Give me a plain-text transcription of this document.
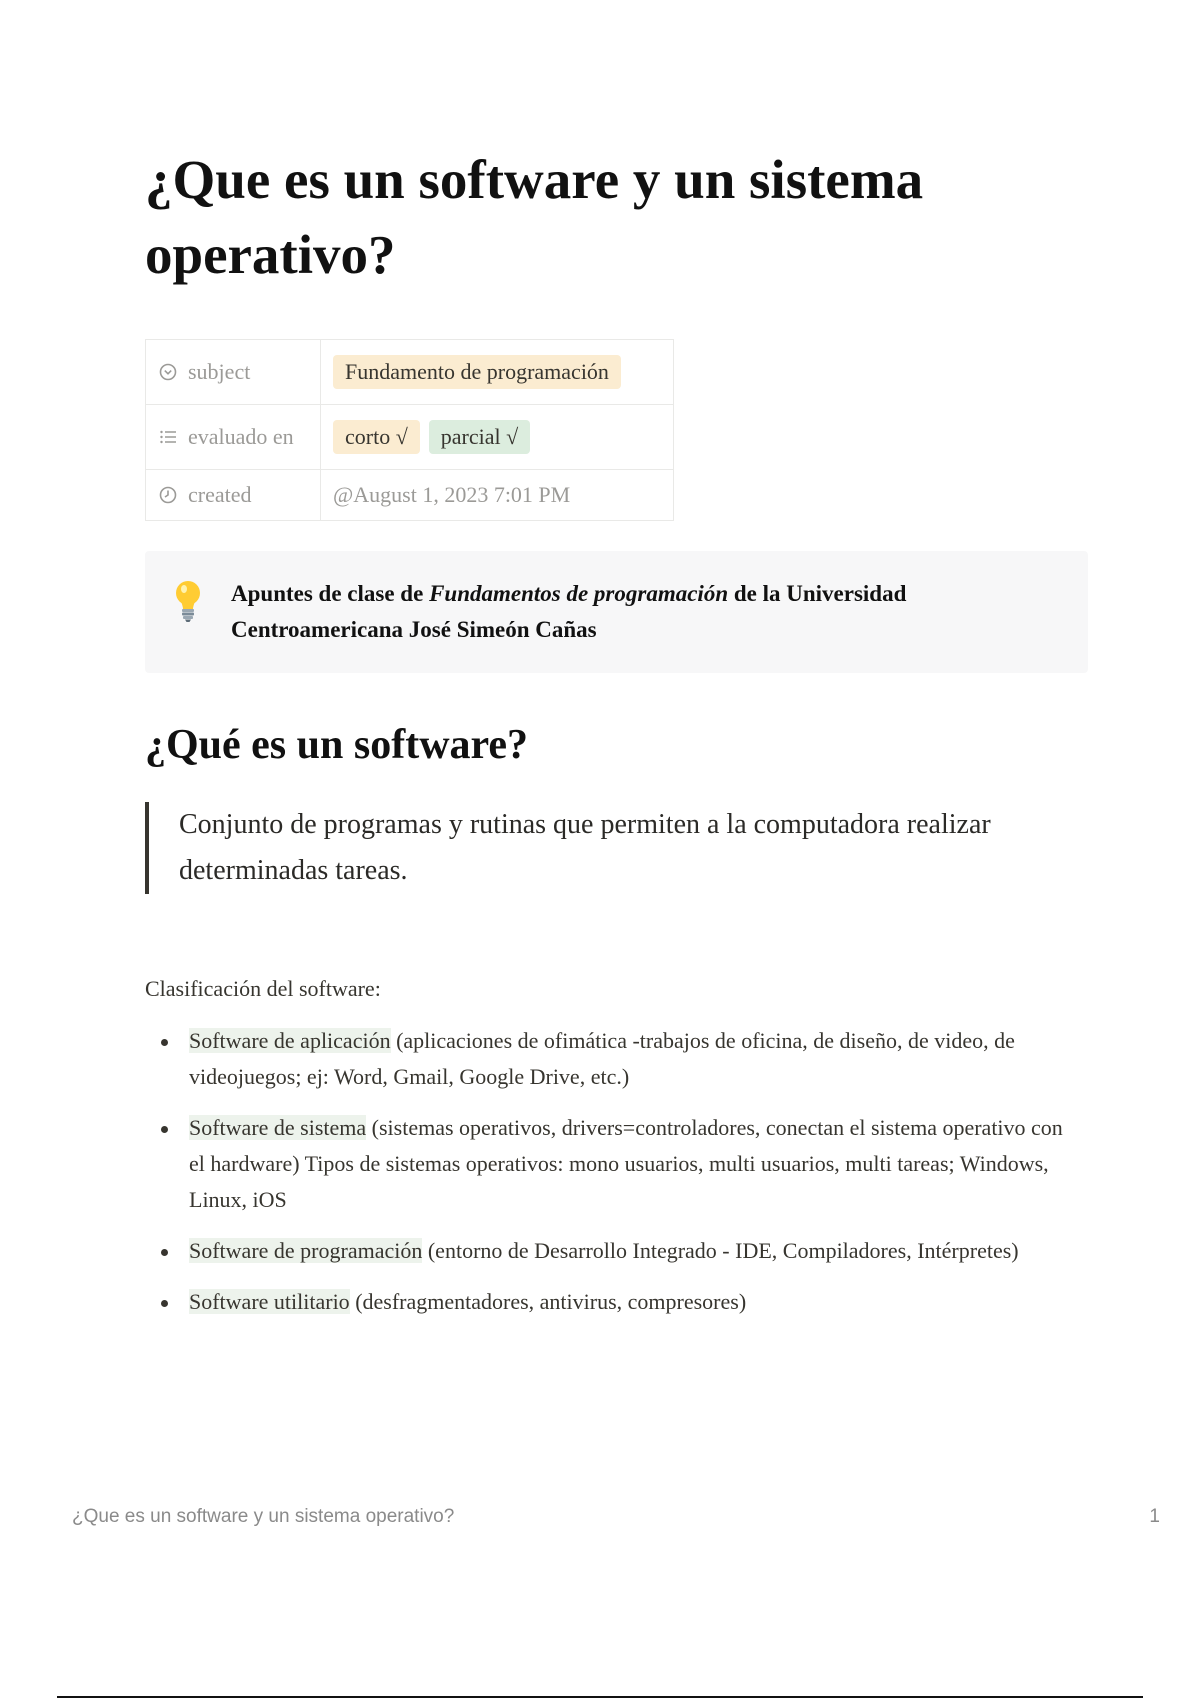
¿Que es un software y un sistema operativo?
subject	Fundamento de programación

evaluado en	corto √ parcial √

created	@August 1, 2023 7:01 PM
Apuntes de clase de Fundamentos de programación de la Universidad Centroamericana José Simeón Cañas
¿Qué es un software?

Conjunto de programas y rutinas que permiten a la computadora realizar determinadas tareas.

Clasificación del software:

Software de aplicación (aplicaciones de ofimática -trabajos de oficina, de diseño, de video, de videojuegos; ej: Word, Gmail, Google Drive, etc.)
Software de sistema (sistemas operativos, drivers=controladores, conectan el sistema operativo con el hardware) Tipos de sistemas operativos: mono usuarios, multi usuarios, multi tareas; Windows, Linux, iOS
Software de programación (entorno de Desarrollo Integrado - IDE, Compiladores, Intérpretes)
Software utilitario (desfragmentadores, antivirus, compresores)
¿Que es un software y un sistema operativo?	1
